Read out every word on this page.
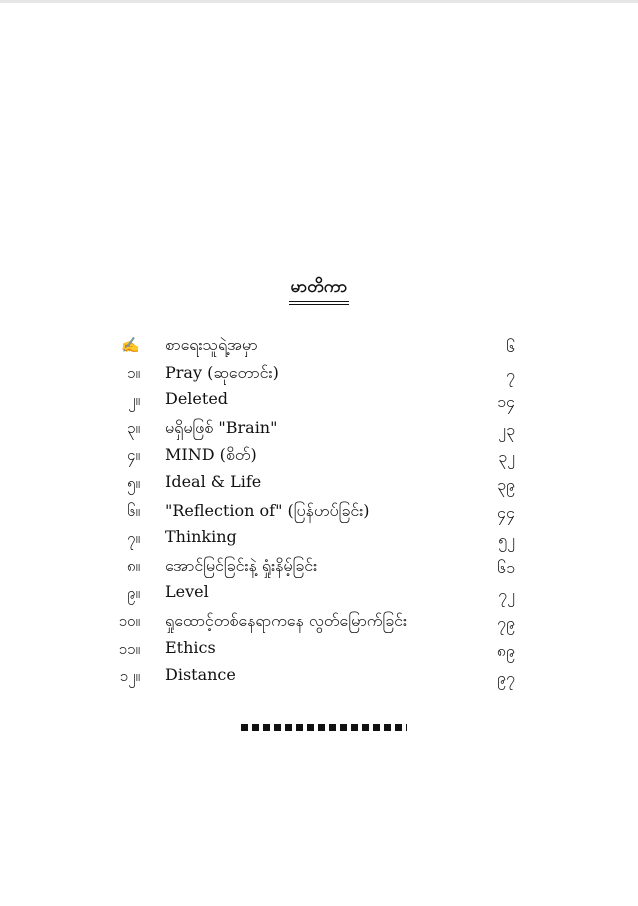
မာတိကာ
✍ စာရေးသူရဲ့အမှာ	၆
၁။ Pray (ဆုတောင်း)	၇
၂။ Deleted	၁၄
၃။ မရှိမဖြစ် "Brain"	၂၃
၄။ MIND (စိတ်)	၃၂
၅။ Ideal & Life	၃၉
၆။ "Reflection of" (ပြန်ဟပ်ခြင်း)	၄၄
၇။ Thinking	၅၂
၈။ အောင်မြင်ခြင်းနဲ့ ရှုံးနိမ့်ခြင်း	၆၁
၉။ Level	၇၂
၁၀။ ရှုထောင့်တစ်နေရာကနေ လွတ်မြောက်ခြင်း	၇၉
၁၁။ Ethics	၈၉
၁၂။ Distance	၉၇
